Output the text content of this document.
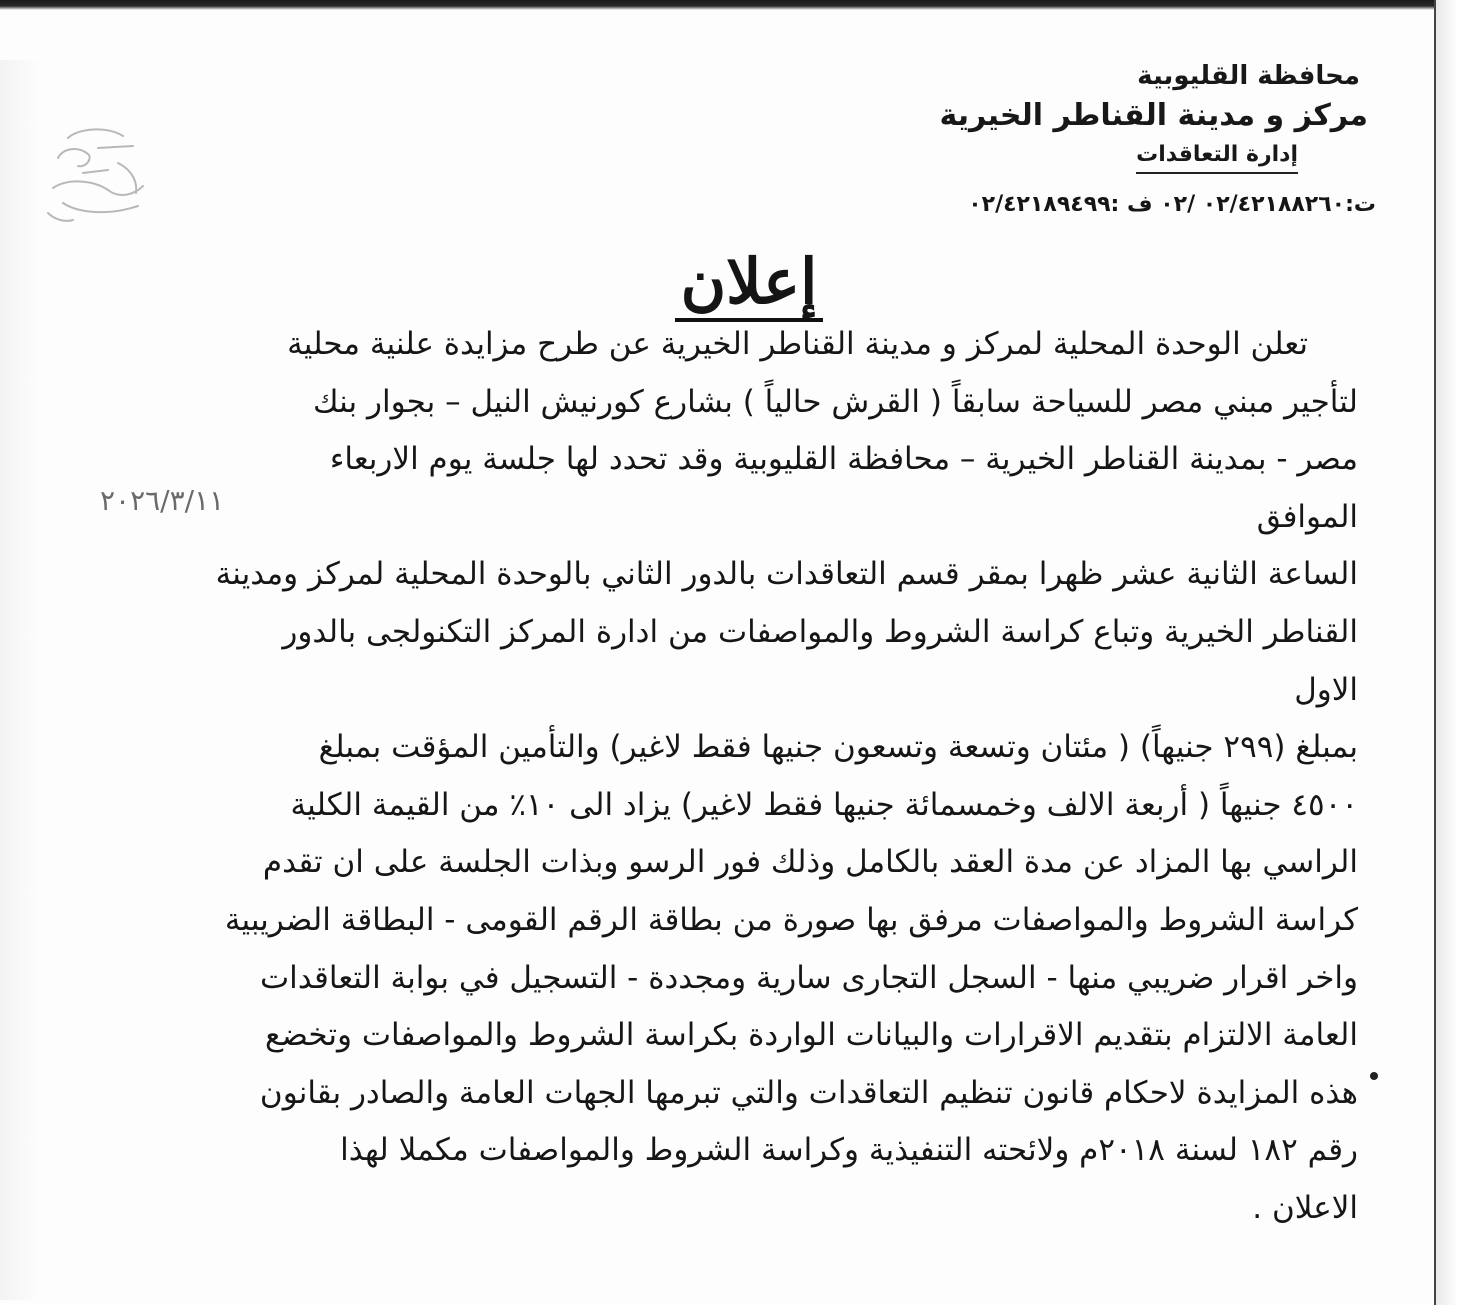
محافظة القليوبية
مركز و مدينة القناطر الخيرية
إدارة التعاقدات
ت:٠٢/٤٢١٨٨٢٦٠ /٠٢ ف :٠٢/٤٢١٨٩٤٩٩
إعلان
٢٠٢٦/٣/١١
تعلن الوحدة المحلية لمركز و مدينة القناطر الخيرية عن طرح مزايدة علنية محلية
لتأجير مبني مصر للسياحة سابقاً ( القرش حالياً ) بشارع كورنيش النيل – بجوار بنك
مصر - بمدينة القناطر الخيرية – محافظة القليوبية وقد تحدد لها جلسة يوم الاربعاء
الموافق
الساعة الثانية عشر ظهرا بمقر قسم التعاقدات بالدور الثاني بالوحدة المحلية لمركز ومدينة
القناطر الخيرية وتباع كراسة الشروط والمواصفات من ادارة المركز التكنولجى بالدور
الاول
بمبلغ (٢٩٩ جنيهاً) ( مئتان وتسعة وتسعون جنيها فقط لاغير) والتأمين المؤقت بمبلغ
٤٥٠٠ جنيهاً ( أربعة الالف وخمسمائة جنيها فقط لاغير) يزاد الى ١٠٪ من القيمة الكلية
الراسي بها المزاد عن مدة العقد بالكامل وذلك فور الرسو وبذات الجلسة على ان تقدم
كراسة الشروط والمواصفات مرفق بها صورة من بطاقة الرقم القومى - البطاقة الضريبية
واخر اقرار ضريبي منها - السجل التجارى سارية ومجددة - التسجيل في بوابة التعاقدات
العامة الالتزام بتقديم الاقرارات والبيانات الواردة بكراسة الشروط والمواصفات وتخضع
هذه المزايدة لاحكام قانون تنظيم التعاقدات والتي تبرمها الجهات العامة والصادر بقانون
رقم ١٨٢ لسنة ٢٠١٨م ولائحته التنفيذية وكراسة الشروط والمواصفات مكملا لهذا
الاعلان .
